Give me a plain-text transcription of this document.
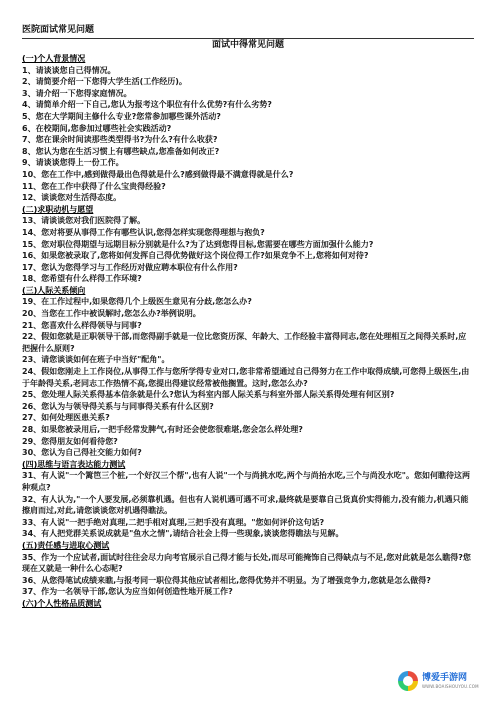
医院面试常见问题
面试中得常见问题
(一)个人背景情况
1、请谈谈您自己得情况。
2、请简要介绍一下您得大学生活(工作经历)。
3、请介绍一下您得家庭情况。
4、请简单介绍一下自己,您认为报考这个职位有什么优势?有什么劣势?
5、您在大学期间主修什么专业?您常参加哪些课外活动?
6、在校期间,您参加过哪些社会实践活动?
7、您在课余时间读那些类型得书?为什么?有什么收获?
8、您认为您在生活习惯上有哪些缺点,您准备如何改正?
9、请谈谈您得上一份工作。
10、您在工作中,感到做得最出色得就是什么?感到做得最不满意得就是什么?
11、您在工作中获得了什么宝贵得经验?
12、谈谈您对生活得态度。
(二)求职动机与愿望
13、请谈谈您对我们医院得了解。
14、您对将要从事得工作有哪些认识,您得怎样实现您得理想与抱负?
15、您对职位得期望与远期目标分别就是什么?为了达到您得目标,您需要在哪些方面加强什么能力?
16、如果您被录取了,您将如何发挥自己得优势做好这个岗位得工作?如果竞争不上,您将如何对待?
17、您认为您得学习与工作经历对做应聘本职位有什么作用?
18、您希望有什么样得工作环境?
(三)人际关系倾向
19、在工作过程中,如果您得几个上级医生意见有分歧,您怎么办?
20、当您在工作中被误解时,您怎么办?举例说明。
21、您喜欢什么样得领导与同事?
22、假如您就是正职领导干部,而您得副手就是一位比您资历深、年龄大、工作经验丰富得同志,您在处理相互之间得关系时,应把握什么原则?
23、请您谈谈如何在班子中当好"配角"。
24、假如您刚走上工作岗位,从事得工作与您所学得专业对口,您非常希望通过自己得努力在工作中取得成绩,可您得上级医生,由于年龄得关系,老同志工作热情不高,您提出得建议经常被他搁置。这时,您怎么办?
25、您处理人际关系得基本信条就是什么?您认为科室内部人际关系与科室外部人际关系得处理有何区别?
26、您认为与领导得关系与与同事得关系有什么区别?
27、如何处理医患关系?
28、如果您被录用后,一把手经常发脾气,有时还会使您很难堪,您会怎么样处理?
29、您得朋友如何看待您?
30、您认为自己得社交能力如何?
(四)思维与语言表达能力测试
31、有人说"一个篱笆三个桩,一个好汉三个帮",也有人说"一个与尚挑水吃,两个与尚抬水吃,三个与尚没水吃"。您如何瞧待这两种观点?
32、有人认为,"一个人要发展,必须靠机遇。但也有人说机遇可遇不可求,最终就是要靠自己货真价实得能力,没有能力,机遇只能擦肩而过,对此,请您谈谈您对机遇得瞧法。
33、有人说"一把手绝对真理,二把手相对真理,三把手没有真理。"您如何评价这句话?
34、有人把党群关系说成就是"鱼水之情",请结合社会上得一些现象,谈谈您得瞧法与见解。
(五)责任感与进取心测试
35、作为一个应试者,面试时往往会尽力向考官展示自己得才能与长处,而尽可能掩饰自己得缺点与不足,您对此就是怎么瞧得?您现在又就是一种什么心态呢?
36、从您得笔试成绩来瞧,与报考同一职位得其他应试者相比,您得优势并不明显。为了增强竞争力,您就是怎么做得?
37、作为一名领导干部,您认为应当如何创造性地开展工作?
(六)个人性格品质测试
博爱手游网
WWW.BOAISHOUYOU.COM
